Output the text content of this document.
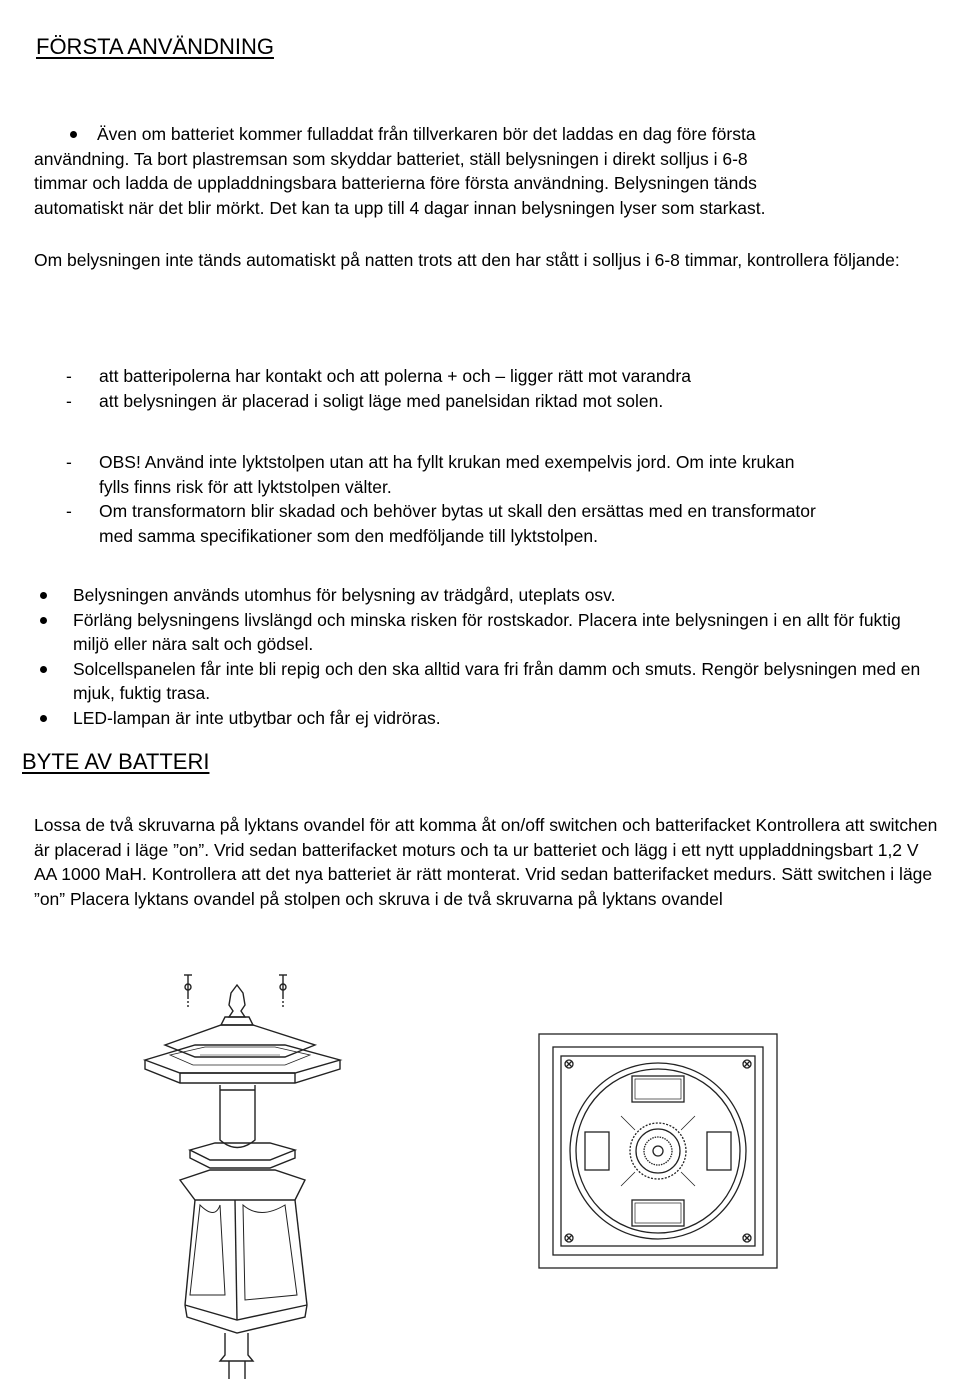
FÖRSTA ANVÄNDNING

Även om batteriet kommer fulladdat från tillverkaren bör det laddas en dag före första användning. Ta bort plastremsan som skyddar batteriet, ställ belysningen i direkt solljus i 6-8 timmar och ladda de uppladdningsbara batterierna före första användning. Belysningen tänds automatiskt när det blir mörkt. Det kan ta upp till 4 dagar innan belysningen lyser som starkast.

Om belysningen inte tänds automatiskt på natten trots att den har stått i solljus i 6-8 timmar, kontrollera följande:

- att batteripolerna har kontakt och att polerna + och – ligger rätt mot varandra
- att belysningen är placerad i soligt läge med panelsidan riktad mot solen.
- OBS! Använd inte lyktstolpen utan att ha fyllt krukan med exempelvis jord. Om inte krukan fylls finns risk för att lyktstolpen välter.
- Om transformatorn blir skadad och behöver bytas ut skall den ersättas med en transformator med samma specifikationer som den medföljande till lyktstolpen.
Belysningen används utomhus för belysning av trädgård, uteplats osv.
Förläng belysningens livslängd och minska risken för rostskador. Placera inte belysningen i en allt för fuktig miljö eller nära salt och gödsel.
Solcellspanelen får inte bli repig och den ska alltid vara fri från damm och smuts. Rengör belysningen med en mjuk, fuktig trasa.
LED-lampan är inte utbytbar och får ej vidröras.
BYTE AV BATTERI

Lossa de två skruvarna på lyktans ovandel för att komma åt on/off switchen och batterifacket Kontrollera att switchen är placerad i läge ”on”. Vrid sedan batterifacket moturs och ta ur batteriet och lägg i ett nytt uppladdningsbart 1,2 V AA 1000 MaH. Kontrollera att det nya batteriet är rätt monterat. Vrid sedan batterifacket medurs. Sätt switchen i läge ”on” Placera lyktans ovandel på stolpen och skruva i de två skruvarna på lyktans ovandel
